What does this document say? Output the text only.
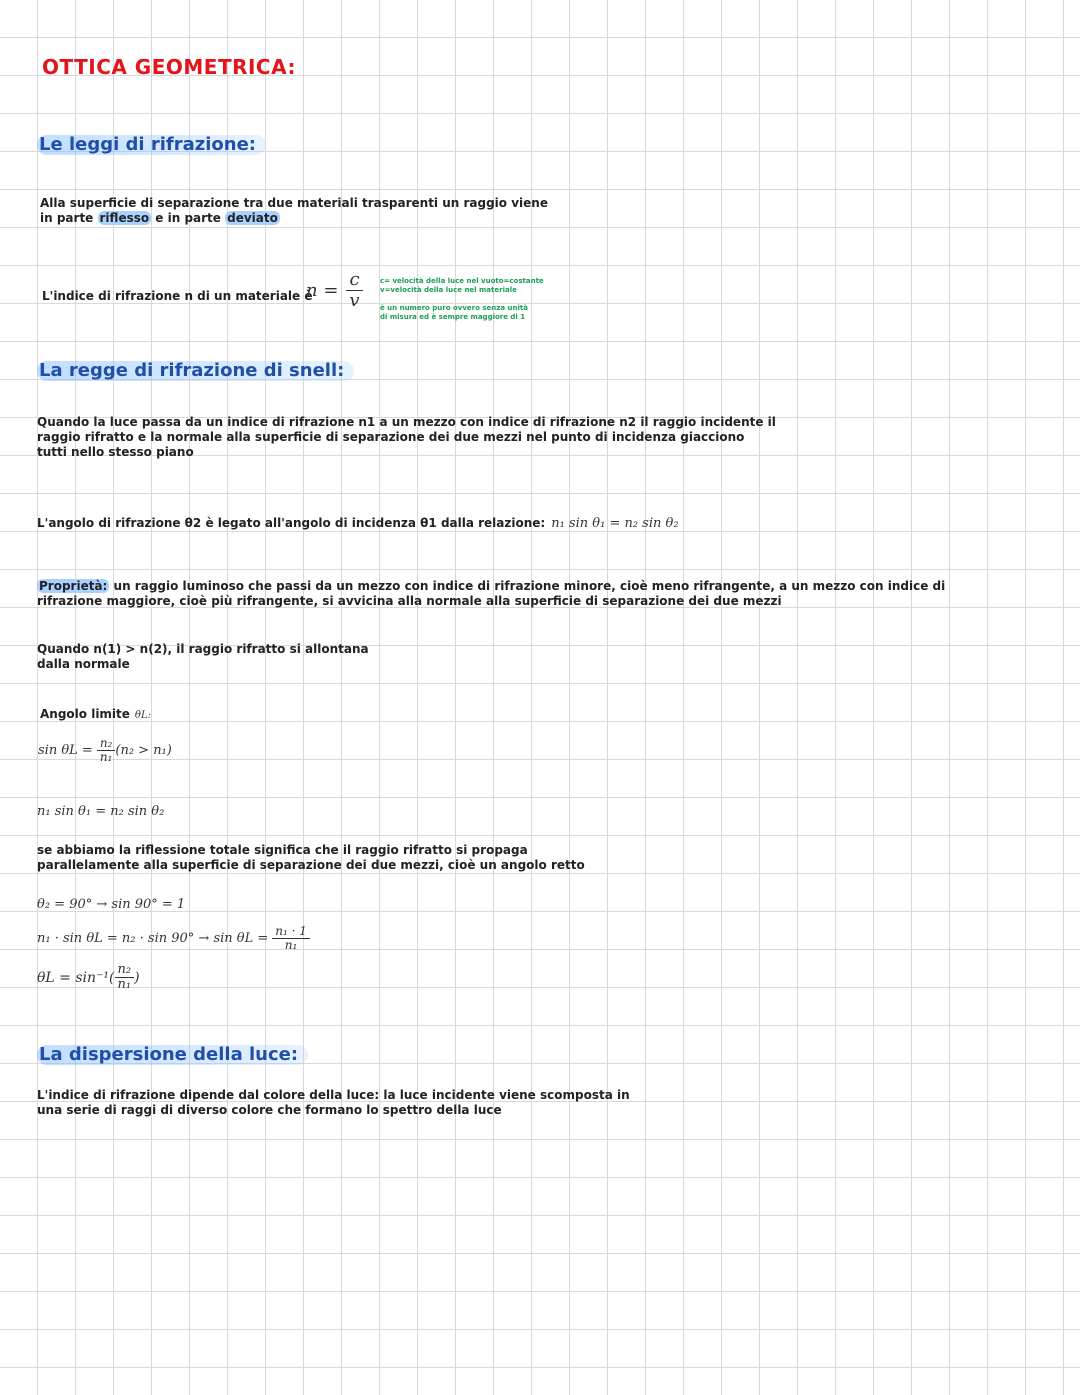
OTTICA GEOMETRICA:
Le leggi di rifrazione:
Alla superficie di separazione tra due materiali trasparenti un raggio viene
in parte riflesso e in parte deviato
L'indice di rifrazione n di un materiale è
$n = \frac{c}{v} c=$ velocità della luce nel vuoto=costante
v=velocità della luce nel materiale
è un numero puro ovvero senza unità
di misura ed è sempre maggiore di 1
La regge di rifrazione di snell:
Quando la luce passa da un indice di rifrazione n1 a un mezzo con indice di rifrazione n2 il raggio incidente il
raggio rifratto e la normale alla superficie di separazione dei due mezzi nel punto di incidenza giacciono
tutti nello stesso piano
L'angolo di rifrazione θ2 è legato all'angolo di incidenza θ1 dalla relazione: n₁ sin θ₁ = n₂ sin θ₂
Proprietà: un raggio luminoso che passi da un mezzo con indice di rifrazione minore, cioè meno rifrangente, a un mezzo con indice di
rifrazione maggiore, cioè più rifrangente, si avvicina alla normale alla superficie di separazione dei due mezzi
Quando n(1) > n(2), il raggio rifratto si allontana
dalla normale
Angolo limite θL:
$\sin \theta L = \frac{\text{n₂}}{\text{n₁}} (n_2 > n_1)$
n₁ sin θ₁ = n₂ sin θ₂
se abbiamo la riflessione totale significa che il raggio rifratto si propaga
parallelamente alla superficie di separazione dei due mezzi, cioè un angolo retto
θ₂ = 90° → sin 90° = 1
$n_1 \cdot \sin \theta L = n_2 \cdot \sin 90^\circ \to \sin \theta L = \frac{\text{n₁ · 1}}{\text{n₁}}$
$\theta L = \sin^{-1}( \frac{\text{n₂}}{\text{n₁}}$ )
La dispersione della luce:
L'indice di rifrazione dipende dal colore della luce: la luce incidente viene scomposta in
una serie di raggi di diverso colore che formano lo spettro della luce
